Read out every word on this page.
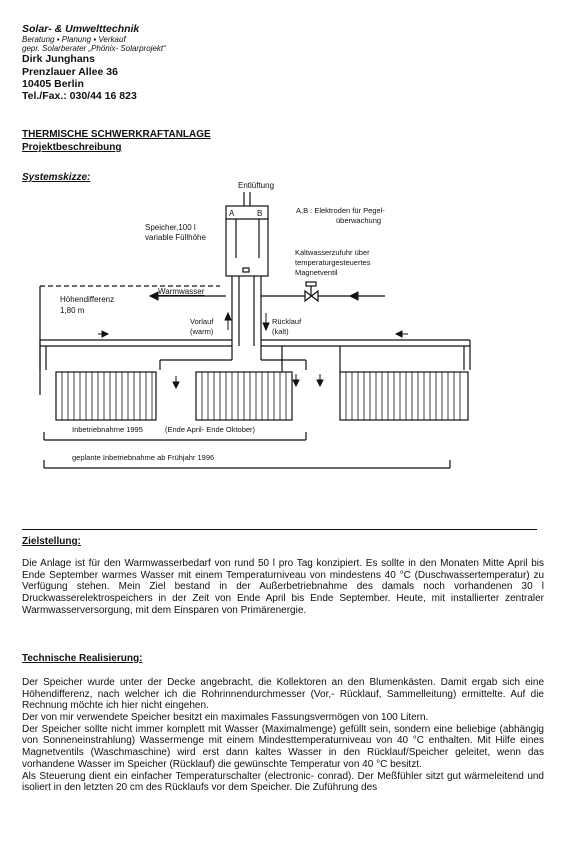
Solar- & Umwelttechnik
Beratung ▪ Planung ▪ Verkauf
gepr. Solarberater „Phönix- Solarprojekt“
Dirk Junghans
Prenzlauer Allee 36
10405 Berlin
Tel./Fax.: 030/44 16 823
THERMISCHE SCHWERKRAFTANLAGE
Projektbeschreibung
Systemskizze:
Entlüftung
A	B
Speicher,100 l
variable Füllhöhe
A,B : Elektroden für Pegel-
überwachung
Kaltwasserzufuhr über
temperaturgesteuertes
Magnetventil
Warmwasser
Höhendifferenz
1,80 m
Vorlauf
(warm)
Rücklauf
(kalt)
Inbetriebnahme 1995	(Ende April- Ende Oktober)
geplante Inbetriebnahme ab Frühjahr 1996
Zielstellung:

Die Anlage ist für den Warmwasserbedarf von rund 50 l pro Tag konzipiert. Es sollte in den Monaten Mitte April bis Ende September warmes Wasser mit einem Temperaturniveau von mindestens 40 °C (Duschwassertemperatur) zu Verfügung stehen. Mein Ziel bestand in der Außerbetriebnahme des damals noch vorhandenen 30 l Druckwasserelektrospeichers in der Zeit von Ende April bis Ende September. Heute, mit installierter zentraler Warmwasserversorgung, mit dem Einsparen von Primärenergie.

Technische Realisierung:

Der Speicher wurde unter der Decke angebracht, die Kollektoren an den Blumenkästen. Damit ergab sich eine Höhendifferenz, nach welcher ich die Rohrinnendurchmesser (Vor,- Rücklauf, Sammelleitung) ermittelte. Auf die Rechnung möchte ich hier nicht eingehen.

Der von mir verwendete Speicher besitzt ein maximales Fassungsvermögen von 100 Litern.

Der Speicher sollte nicht immer komplett mit Wasser (Maximalmenge) gefüllt sein, sondern eine beliebige (abhängig von Sonneneinstrahlung) Wassermenge mit einem Mindesttemperaturniveau von 40 °C enthalten. Mit Hilfe eines Magnetventils (Waschmaschine) wird erst dann kaltes Wasser in den Rücklauf/Speicher geleitet, wenn das vorhandene Wasser im Speicher (Rücklauf) die gewünschte Temperatur von 40 °C besitzt.

Als Steuerung dient ein einfacher Temperaturschalter (electronic- conrad). Der Meßfühler sitzt gut wärmeleitend und isoliert in den letzten 20 cm des Rücklaufs vor dem Speicher. Die Zuführung des
